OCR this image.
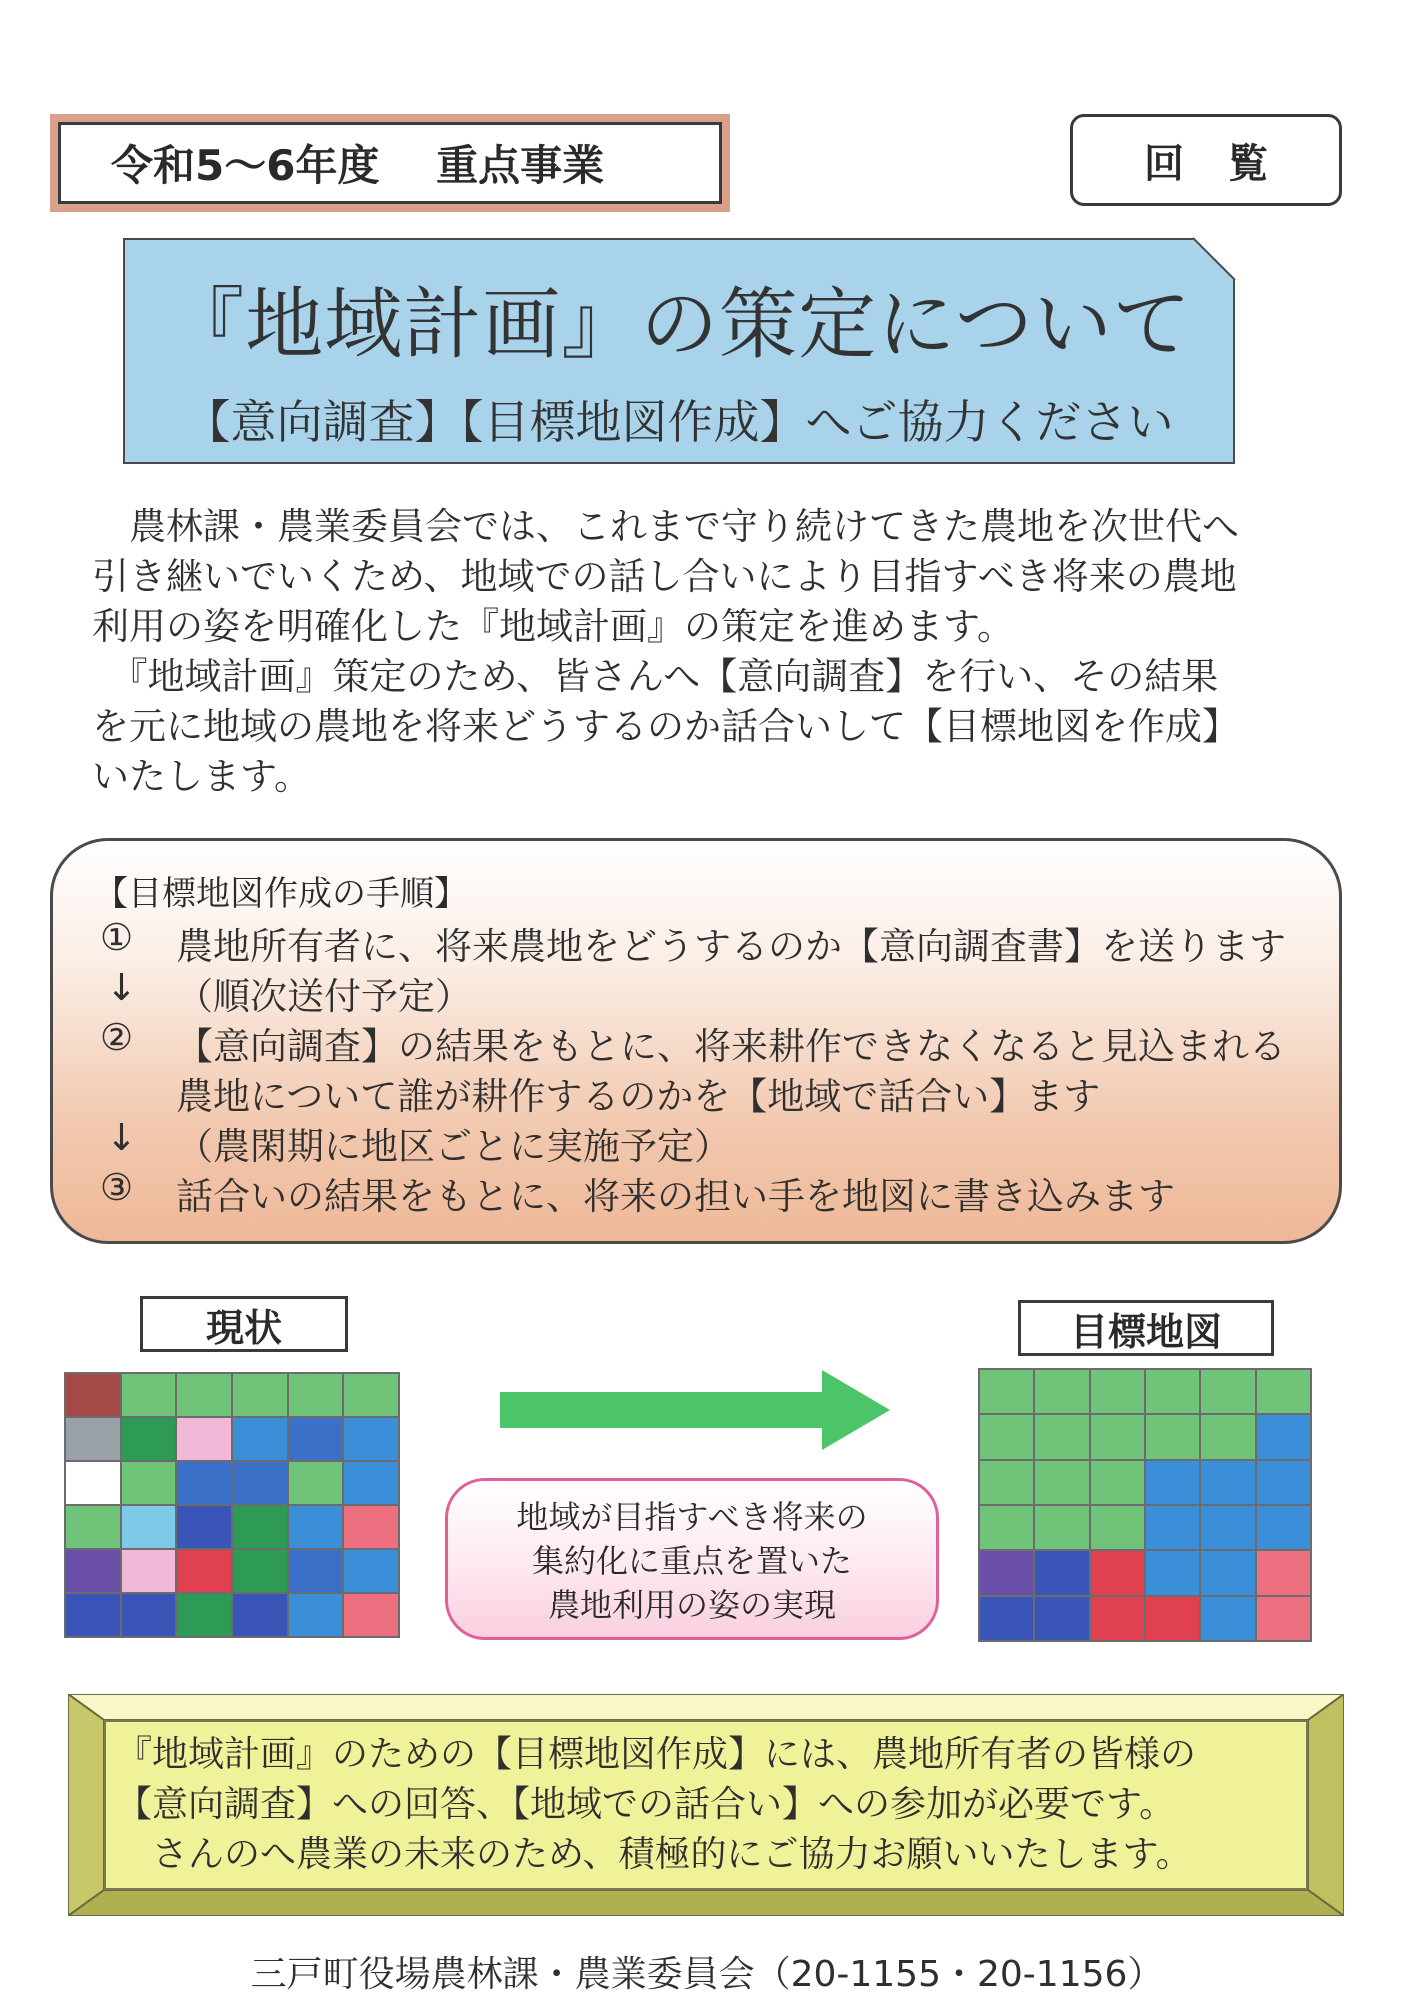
令和5〜6年度　 重点事業	回覧
『地域計画』の策定について
【意向調査】【目標地図作成】へご協力ください

　農林課・農業委員会では、これまで守り続けてきた農地を次世代へ

引き継いでいくため、地域での話し合いにより目指すべき将来の農地

利用の姿を明確化した『地域計画』の策定を進めます。

　『地域計画』策定のため、皆さんへ【意向調査】を行い、その結果

を元に地域の農地を将来どうするのか話合いして【目標地図を作成】

いたします。

【目標地図作成の手順】
① 農地所有者に、将来農地をどうするのか【意向調査書】を送ります
↓ （順次送付予定）
② 【意向調査】の結果をもとに、将来耕作できなくなると見込まれる
農地について誰が耕作するのかを【地域で話合い】ます
↓ （農閑期に地区ごとに実施予定）
③ 話合いの結果をもとに、将来の担い手を地図に書き込みます
現状	目標地図
地域が目指すべき将来の
集約化に重点を置いた
農地利用の姿の実現
『地域計画』のための【目標地図作成】には、農地所有者の皆様の
【意向調査】への回答、【地域での話合い】への参加が必要です。
　さんのへ農業の未来のため、積極的にご協力お願いいたします。
三戸町役場農林課・農業委員会（20-1155・20-1156）
